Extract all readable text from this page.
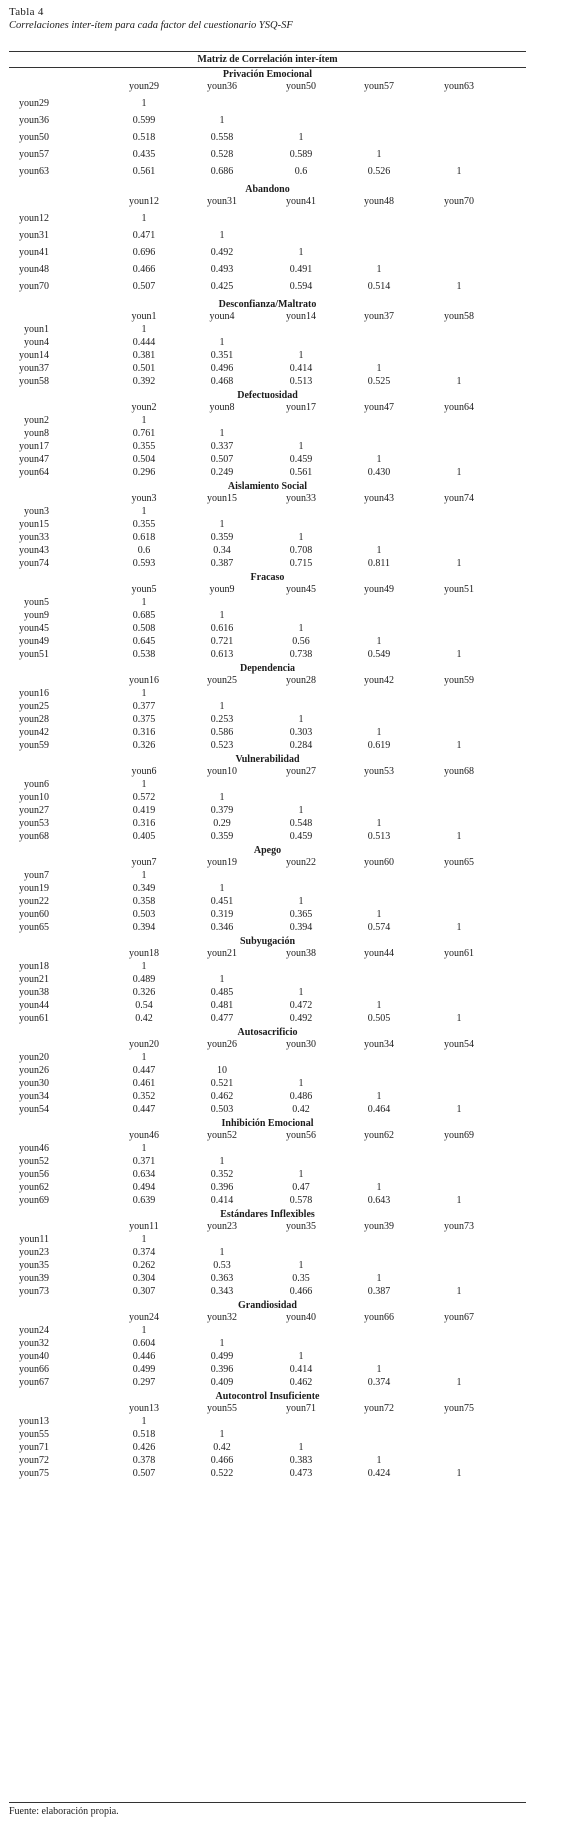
Tabla 4
Correlaciones inter-ítem para cada factor del cuestionario YSQ-SF
Matriz de Correlación inter-ítem
Privación Emocional
youn29	youn36	youn50	youn57	youn63
youn29	1
youn36	0.599	1
youn50	0.518	0.558	1
youn57	0.435	0.528	0.589	1
youn63	0.561	0.686	0.6	0.526	1
Abandono
youn12	youn31	youn41	youn48	youn70
youn12	1
youn31	0.471	1
youn41	0.696	0.492	1
youn48	0.466	0.493	0.491	1
youn70	0.507	0.425	0.594	0.514	1
Desconfianza/Maltrato
youn1	youn4	youn14	youn37	youn58
youn1	1
youn4	0.444	1
youn14	0.381	0.351	1
youn37	0.501	0.496	0.414	1
youn58	0.392	0.468	0.513	0.525	1
Defectuosidad
youn2	youn8	youn17	youn47	youn64
youn2	1
youn8	0.761	1
youn17	0.355	0.337	1
youn47	0.504	0.507	0.459	1
youn64	0.296	0.249	0.561	0.430	1
Aislamiento Social
youn3	youn15	youn33	youn43	youn74
youn3	1
youn15	0.355	1
youn33	0.618	0.359	1
youn43	0.6	0.34	0.708	1
youn74	0.593	0.387	0.715	0.811	1
Fracaso
youn5	youn9	youn45	youn49	youn51
youn5	1
youn9	0.685	1
youn45	0.508	0.616	1
youn49	0.645	0.721	0.56	1
youn51	0.538	0.613	0.738	0.549	1
Dependencia
youn16	youn25	youn28	youn42	youn59
youn16	1
youn25	0.377	1
youn28	0.375	0.253	1
youn42	0.316	0.586	0.303	1
youn59	0.326	0.523	0.284	0.619	1
Vulnerabilidad
youn6	youn10	youn27	youn53	youn68
youn6	1
youn10	0.572	1
youn27	0.419	0.379	1
youn53	0.316	0.29	0.548	1
youn68	0.405	0.359	0.459	0.513	1
Apego
youn7	youn19	youn22	youn60	youn65
youn7	1
youn19	0.349	1
youn22	0.358	0.451	1
youn60	0.503	0.319	0.365	1
youn65	0.394	0.346	0.394	0.574	1
Subyugación
youn18	youn21	youn38	youn44	youn61
youn18	1
youn21	0.489	1
youn38	0.326	0.485	1
youn44	0.54	0.481	0.472	1
youn61	0.42	0.477	0.492	0.505	1
Autosacrificio
youn20	youn26	youn30	youn34	youn54
youn20	1
youn26	0.447	10
youn30	0.461	0.521	1
youn34	0.352	0.462	0.486	1
youn54	0.447	0.503	0.42	0.464	1
Inhibición Emocional
youn46	youn52	youn56	youn62	youn69
youn46	1
youn52	0.371	1
youn56	0.634	0.352	1
youn62	0.494	0.396	0.47	1
youn69	0.639	0.414	0.578	0.643	1
Estándares Inflexibles
youn11	youn23	youn35	youn39	youn73
youn11	1
youn23	0.374	1
youn35	0.262	0.53	1
youn39	0.304	0.363	0.35	1
youn73	0.307	0.343	0.466	0.387	1
Grandiosidad
youn24	youn32	youn40	youn66	youn67
youn24	1
youn32	0.604	1
youn40	0.446	0.499	1
youn66	0.499	0.396	0.414	1
youn67	0.297	0.409	0.462	0.374	1
Autocontrol Insuficiente
youn13	youn55	youn71	youn72	youn75
youn13	1
youn55	0.518	1
youn71	0.426	0.42	1
youn72	0.378	0.466	0.383	1
youn75	0.507	0.522	0.473	0.424	1
Fuente: elaboración propia.
